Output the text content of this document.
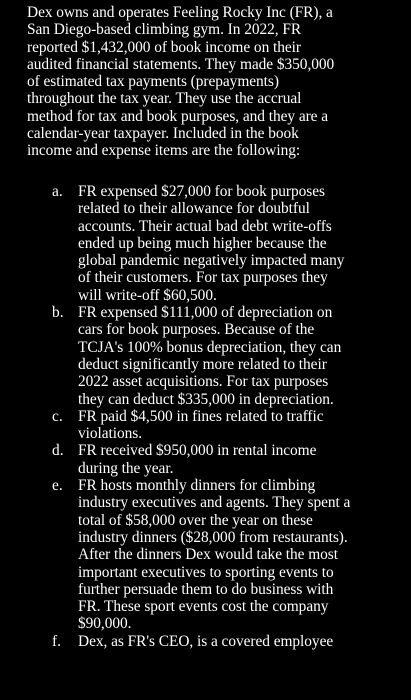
Dex owns and operates Feeling Rocky Inc (FR), a
San Diego-based climbing gym. In 2022, FR
reported $1,432,000 of book income on their
audited financial statements. They made $350,000
of estimated tax payments (prepayments)
throughout the tax year. They use the accrual
method for tax and book purposes, and they are a
calendar-year taxpayer. Included in the book
income and expense items are the following:
a. FR expensed $27,000 for book purposes
related to their allowance for doubtful
accounts. Their actual bad debt write-offs
ended up being much higher because the
global pandemic negatively impacted many
of their customers. For tax purposes they
will write-off $60,500.
b. FR expensed $111,000 of depreciation on
cars for book purposes. Because of the
TCJA's 100% bonus depreciation, they can
deduct significantly more related to their
2022 asset acquisitions. For tax purposes
they can deduct $335,000 in depreciation.
c. FR paid $4,500 in fines related to traffic
violations.
d. FR received $950,000 in rental income
during the year.
e. FR hosts monthly dinners for climbing
industry executives and agents. They spent a
total of $58,000 over the year on these
industry dinners ($28,000 from restaurants).
After the dinners Dex would take the most
important executives to sporting events to
further persuade them to do business with
FR. These sport events cost the company
$90,000.
f. Dex, as FR's CEO, is a covered employee
